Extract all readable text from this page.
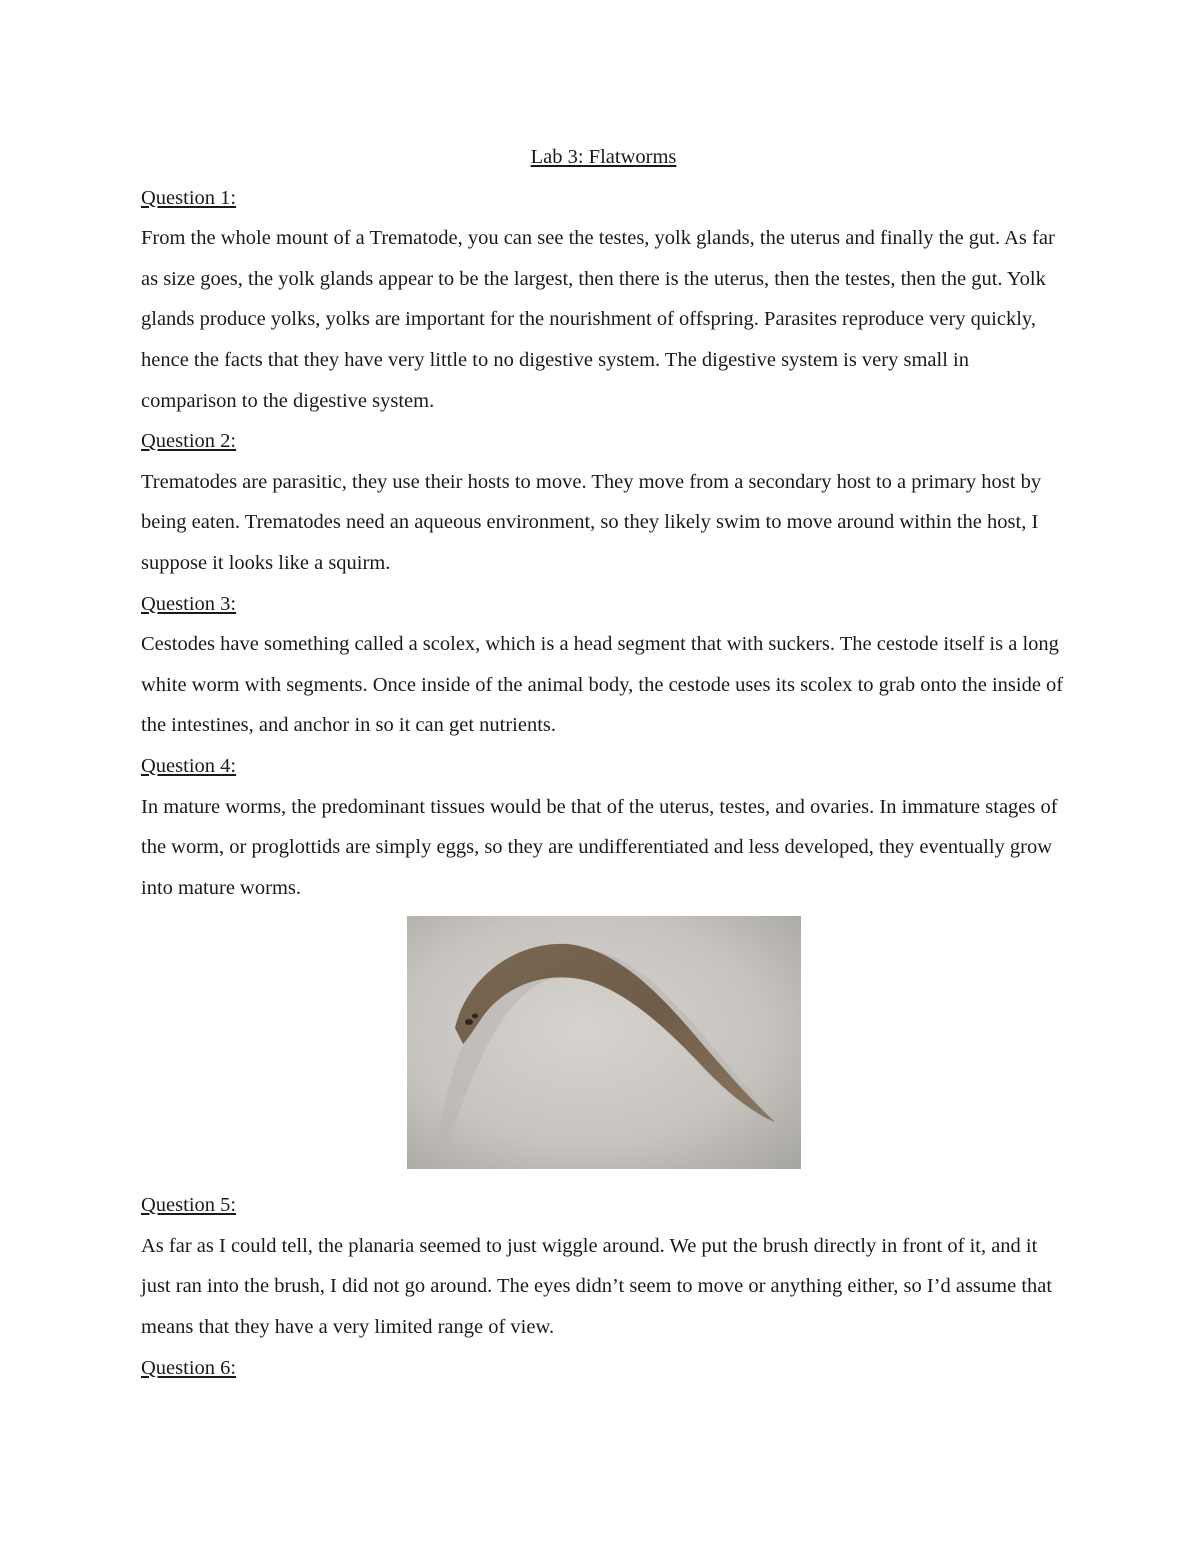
Lab 3: Flatworms

Question 1:

From the whole mount of a Trematode, you can see the testes, yolk glands, the uterus and finally the gut. As far as size goes, the yolk glands appear to be the largest, then there is the uterus, then the testes, then the gut. Yolk glands produce yolks, yolks are important for the nourishment of offspring. Parasites reproduce very quickly, hence the facts that they have very little to no digestive system. The digestive system is very small in comparison to the digestive system.

Question 2:

Trematodes are parasitic, they use their hosts to move. They move from a secondary host to a primary host by being eaten. Trematodes need an aqueous environment, so they likely swim to move around within the host, I suppose it looks like a squirm.

Question 3:

Cestodes have something called a scolex, which is a head segment that with suckers. The cestode itself is a long white worm with segments. Once inside of the animal body, the cestode uses its scolex to grab onto the inside of the intestines, and anchor in so it can get nutrients.

Question 4:

In mature worms, the predominant tissues would be that of the uterus, testes, and ovaries. In immature stages of the worm, or proglottids are simply eggs, so they are undifferentiated and less developed, they eventually grow into mature worms.

Question 5:

As far as I could tell, the planaria seemed to just wiggle around. We put the brush directly in front of it, and it just ran into the brush, I did not go around. The eyes didn’t seem to move or anything either, so I’d assume that means that they have a very limited range of view.

Question 6:
